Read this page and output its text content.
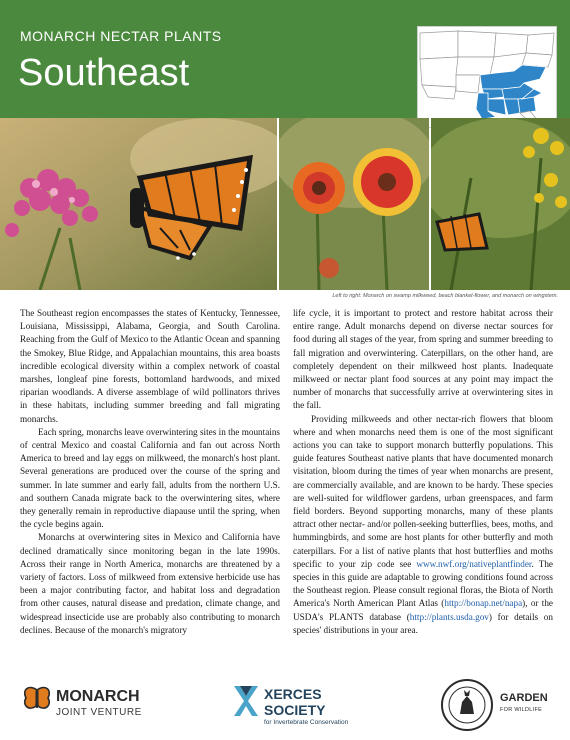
MONARCH NECTAR PLANTS
Southeast
Left to right: Monarch on swamp milkweed, beach blanket-flower, and monarch on wingstem.

The Southeast region encompasses the states of Kentucky, Tennessee, Louisiana, Mississippi, Alabama, Georgia, and South Carolina. Reaching from the Gulf of Mexico to the Atlantic Ocean and spanning the Smokey, Blue Ridge, and Appalachian mountains, this area boasts incredible ecological diversity within a complex network of coastal marshes, longleaf pine forests, bottomland hardwoods, and mixed riparian woodlands. A diverse assemblage of wild pollinators thrives in these habitats, including summer breeding and fall migrating monarchs.

Each spring, monarchs leave overwintering sites in the mountains of central Mexico and coastal California and fan out across North America to breed and lay eggs on milkweed, the monarch's host plant. Several generations are produced over the course of the spring and summer. In late summer and early fall, adults from the northern U.S. and southern Canada migrate back to the overwintering sites, where they generally remain in reproductive diapause until the spring, when the cycle begins again.

Monarchs at overwintering sites in Mexico and California have declined dramatically since monitoring began in the late 1990s. Across their range in North America, monarchs are threatened by a variety of factors. Loss of milkweed from extensive herbicide use has been a major contributing factor, and habitat loss and degradation from other causes, natural disease and predation, climate change, and widespread insecticide use are probably also contributing to monarch declines. Because of the monarch's migratory

life cycle, it is important to protect and restore habitat across their entire range. Adult monarchs depend on diverse nectar sources for food during all stages of the year, from spring and summer breeding to fall migration and overwintering. Caterpillars, on the other hand, are completely dependent on their milkweed host plants. Inadequate milkweed or nectar plant food sources at any point may impact the number of monarchs that successfully arrive at overwintering sites in the fall.

Providing milkweeds and other nectar-rich flowers that bloom where and when monarchs need them is one of the most significant actions you can take to support monarch butterfly populations. This guide features Southeast native plants that have documented monarch visitation, bloom during the times of year when monarchs are present, are commercially available, and are known to be hardy. These species are well-suited for wildflower gardens, urban greenspaces, and farm field borders. Beyond supporting monarchs, many of these plants attract other nectar- and/or pollen-seeking butterflies, bees, moths, and hummingbirds, and some are host plants for other butterfly and moth caterpillars. For a list of native plants that host butterflies and moths specific to your zip code see www.nwf.org/nativeplantfinder. The species in this guide are adaptable to growing conditions found across the Southeast region. Please consult regional floras, the Biota of North America's North American Plant Atlas (http://bonap.net/napa), or the USDA's PLANTS database (http://plants.usda.gov) for details on species' distributions in your area.

MONARCH
JOINT VENTURE
XERCES
SOCIETY
for Invertebrate Conservation
GARDEN
FOR WILDLIFE
